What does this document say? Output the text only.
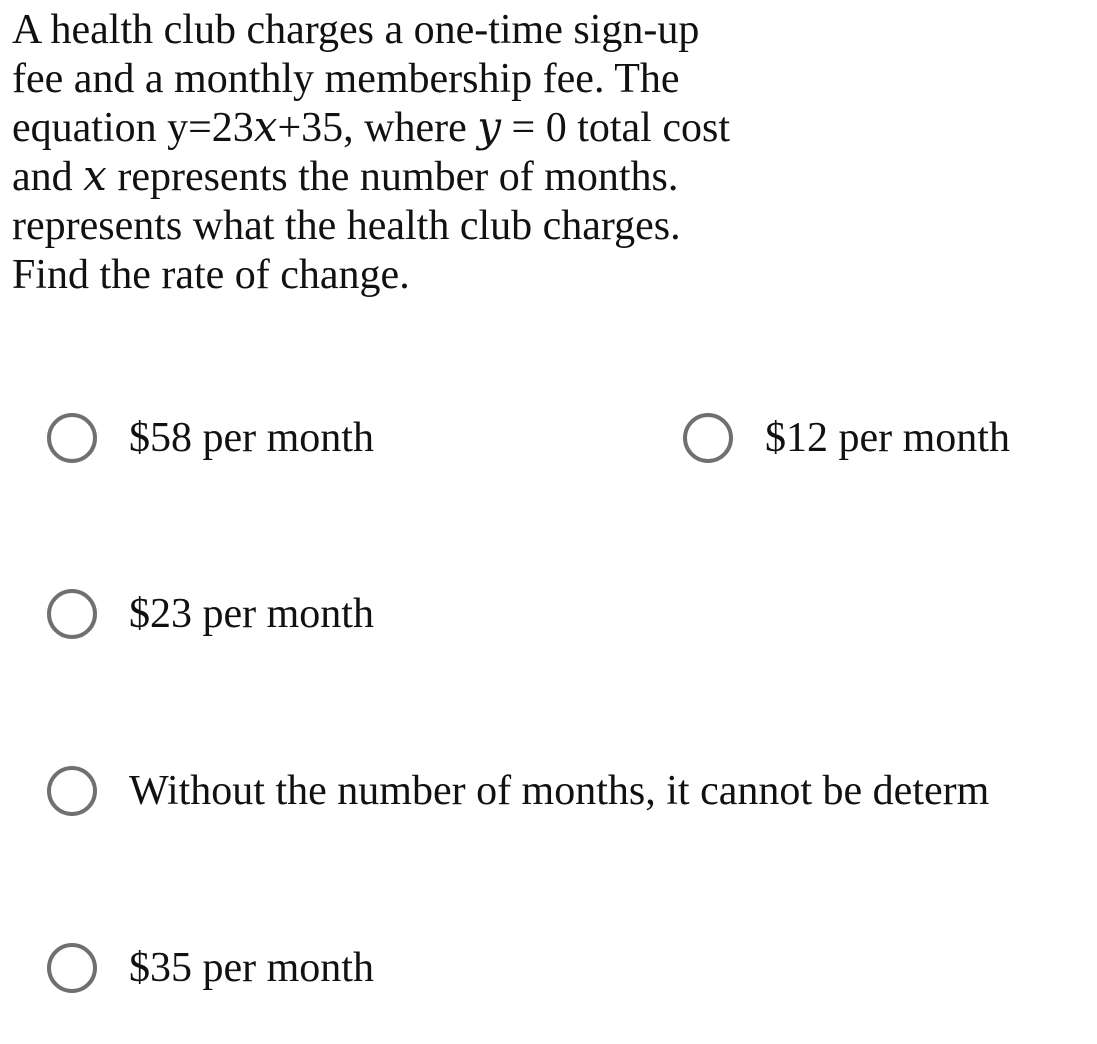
A health club charges a one-time sign-up
fee and a monthly membership fee. The
equation y=23𝑥+35, where 𝑦 = 0 total cost
and 𝑥 represents the number of months.
represents what the health club charges.
Find the rate of change.
$58 per month	$12 per month
$23 per month
Without the number of months, it cannot be determ
$35 per month
